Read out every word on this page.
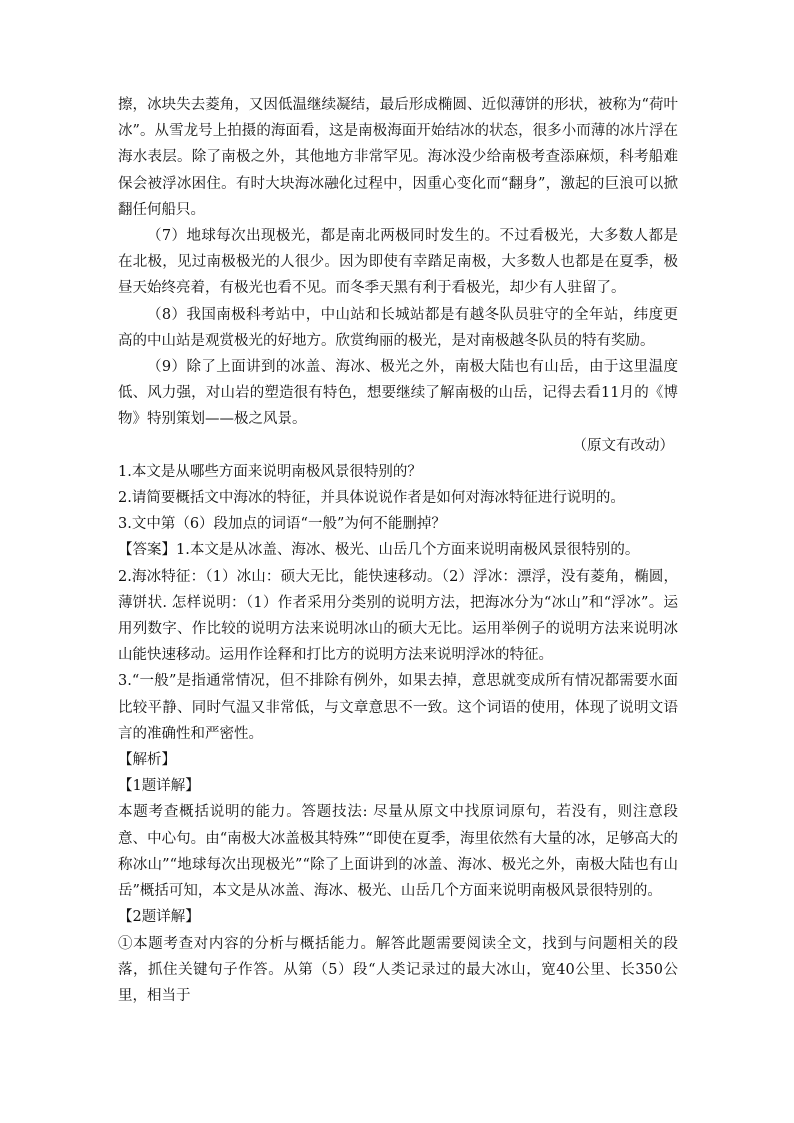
擦，冰块失去菱角，又因低温继续凝结，最后形成椭圆、近似薄饼的形状，被称为“荷叶冰”。从雪龙号上拍摄的海面看，这是南极海面开始结冰的状态，很多小而薄的冰片浮在海水表层。除了南极之外，其他地方非常罕见。海冰没少给南极考查添麻烦，科考船难保会被浮冰困住。有时大块海冰融化过程中，因重心变化而“翻身”，激起的巨浪可以掀翻任何船只。

（7）地球每次出现极光，都是南北两极同时发生的。不过看极光，大多数人都是在北极，见过南极极光的人很少。因为即使有幸踏足南极，大多数人也都是在夏季，极昼天始终亮着，有极光也看不见。而冬季天黑有利于看极光，却少有人驻留了。

（8）我国南极科考站中，中山站和长城站都是有越冬队员驻守的全年站，纬度更高的中山站是观赏极光的好地方。欣赏绚丽的极光，是对南极越冬队员的特有奖励。

（9）除了上面讲到的冰盖、海冰、极光之外，南极大陆也有山岳，由于这里温度低、风力强，对山岩的塑造很有特色，想要继续了解南极的山岳，记得去看11月的《博物》特别策划——极之风景。

（原文有改动）

1.本文是从哪些方面来说明南极风景很特别的？

2.请简要概括文中海冰的特征，并具体说说作者是如何对海冰特征进行说明的。

3.文中第（6）段加点的词语“一般”为何不能删掉？

【答案】1.本文是从冰盖、海冰、极光、山岳几个方面来说明南极风景很特别的。

2.海冰特征：（1）冰山：硕大无比，能快速移动。（2）浮冰：漂浮，没有菱角，椭圆，薄饼状. 怎样说明：（1）作者采用分类别的说明方法，把海冰分为“冰山”和“浮冰”。运用列数字、作比较的说明方法来说明冰山的硕大无比。运用举例子的说明方法来说明冰山能快速移动。运用作诠释和打比方的说明方法来说明浮冰的特征。

3.“一般”是指通常情况，但不排除有例外，如果去掉，意思就变成所有情况都需要水面比较平静、同时气温又非常低，与文章意思不一致。这个词语的使用，体现了说明文语言的准确性和严密性。

【解析】

【1题详解】

本题考查概括说明的能力。答题技法: 尽量从原文中找原词原句，若没有，则注意段意、中心句。由“南极大冰盖极其特殊”“即使在夏季，海里依然有大量的冰，足够高大的称冰山”“地球每次出现极光”“除了上面讲到的冰盖、海冰、极光之外，南极大陆也有山岳”概括可知，本文是从冰盖、海冰、极光、山岳几个方面来说明南极风景很特别的。

【2题详解】

①本题考查对内容的分析与概括能力。解答此题需要阅读全文，找到与问题相关的段落，抓住关键句子作答。从第（5）段“人类记录过的最大冰山，宽40公里、长350公里，相当于
